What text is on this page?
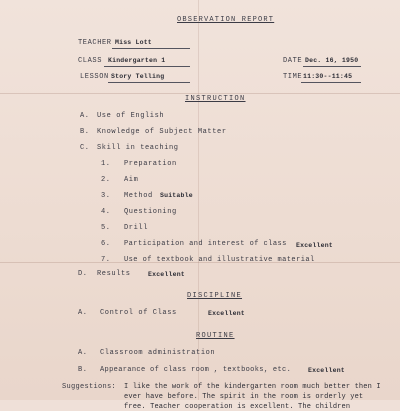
OBSERVATION REPORT
TEACHER Miss Lott
CLASS Kindergarten 1	DATE Dec. 16, 1950
LESSON Story Telling	TIME 11:30--11:45
INSTRUCTION
A. Use of English
B. Knowledge of Subject Matter
C. Skill in teaching
1. Preparation
2. Aim
3. Method Suitable
4. Questioning
5. Drill
6. Participation and interest of class Excellent
7. Use of textbook and illustrative material
D. Results	Excellent
DISCIPLINE
A. Control of Class	Excellent
ROUTINE
A. Classroom administration
B. Appearance of class room , textbooks, etc.	Excellent
Suggestions: I like the work of the kindergarten room much better then I
ever have before. The spirit in the room is orderly yet
free. Teacher cooperation is excellent. The children
